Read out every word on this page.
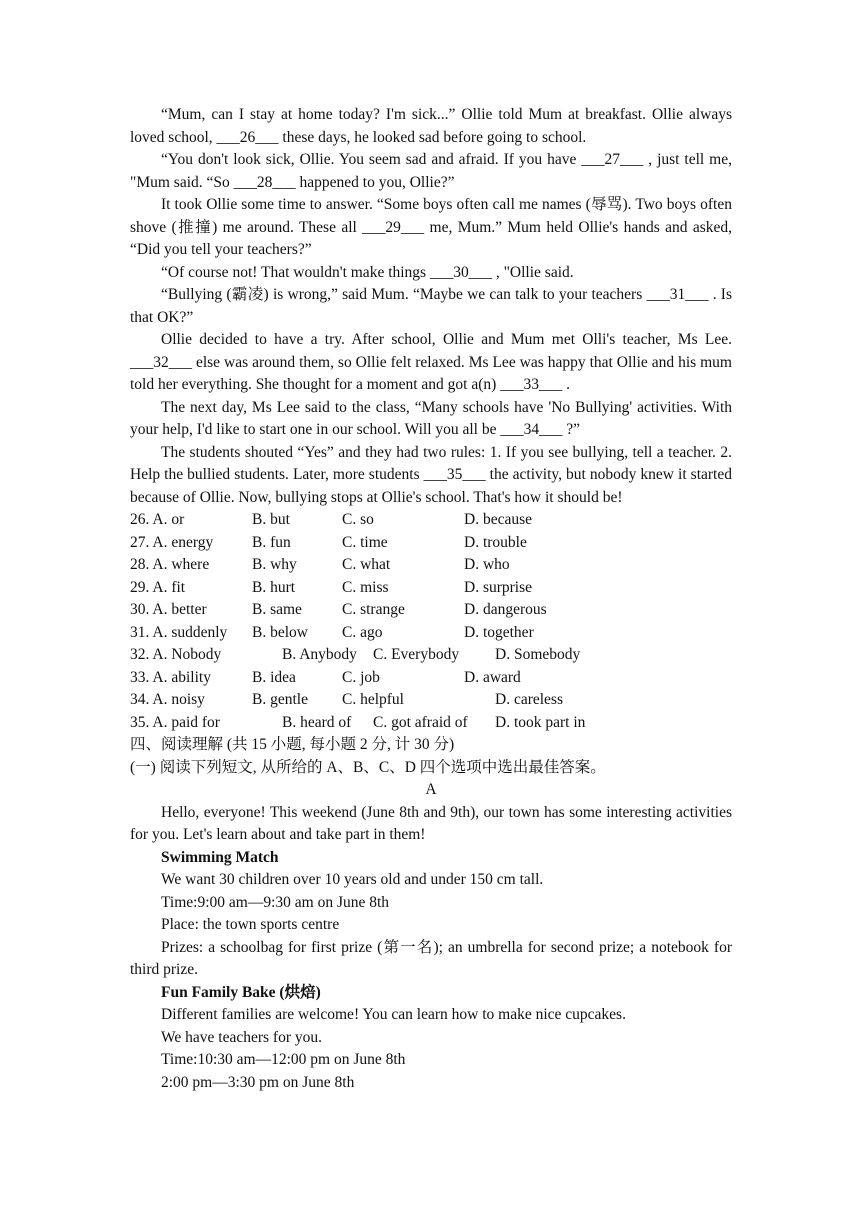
“Mum, can I stay at home today? I'm sick...” Ollie told Mum at breakfast. Ollie always loved school, ___26___ these days, he looked sad before going to school.

“You don't look sick, Ollie. You seem sad and afraid. If you have ___27___ , just tell me, "Mum said. “So ___28___ happened to you, Ollie?”

It took Ollie some time to answer. “Some boys often call me names (辱骂). Two boys often shove (推撞) me around. These all ___29___ me, Mum.” Mum held Ollie's hands and asked, “Did you tell your teachers?”

“Of course not! That wouldn't make things ___30___ , "Ollie said.

“Bullying (霸凌) is wrong,” said Mum. “Maybe we can talk to your teachers ___31___ . Is that OK?”

Ollie decided to have a try. After school, Ollie and Mum met Olli's teacher, Ms Lee. ___32___ else was around them, so Ollie felt relaxed. Ms Lee was happy that Ollie and his mum told her everything. She thought for a moment and got a(n) ___33___ .

The next day, Ms Lee said to the class, “Many schools have 'No Bullying' activities. With your help, I'd like to start one in our school. Will you all be ___34___ ?”

The students shouted “Yes” and they had two rules: 1. If you see bullying, tell a teacher. 2. Help the bullied students. Later, more students ___35___ the activity, but nobody knew it started because of Ollie. Now, bullying stops at Ollie's school. That's how it should be!

26. A. or	B. but	C. so	D. because
27. A. energy	B. fun	C. time	D. trouble
28. A. where	B. why	C. what	D. who
29. A. fit	B. hurt	C. miss	D. surprise
30. A. better	B. same	C. strange	D. dangerous
31. A. suddenly B. below C. ago	D. together
32. A. Nobody	B. Anybody C. Everybody D. Somebody
33. A. ability	B. idea	C. job	D. award
34. A. noisy	B. gentle C. helpful	D. careless
35. A. paid for	B. heard of C. got afraid of D. took part in

四、阅读理解 (共 15 小题, 每小题 2 分, 计 30 分)

(一) 阅读下列短文, 从所给的 A、B、C、D 四个选项中选出最佳答案。

A

Hello, everyone! This weekend (June 8th and 9th), our town has some interesting activities for you. Let's learn about and take part in them!

Swimming Match

We want 30 children over 10 years old and under 150 cm tall.

Time:9:00 am—9:30 am on June 8th

Place: the town sports centre

Prizes: a schoolbag for first prize (第一名); an umbrella for second prize; a notebook for third prize.

Fun Family Bake (烘焙)

Different families are welcome! You can learn how to make nice cupcakes.

We have teachers for you.

Time:10:30 am—12:00 pm on June 8th

2:00 pm—3:30 pm on June 8th
